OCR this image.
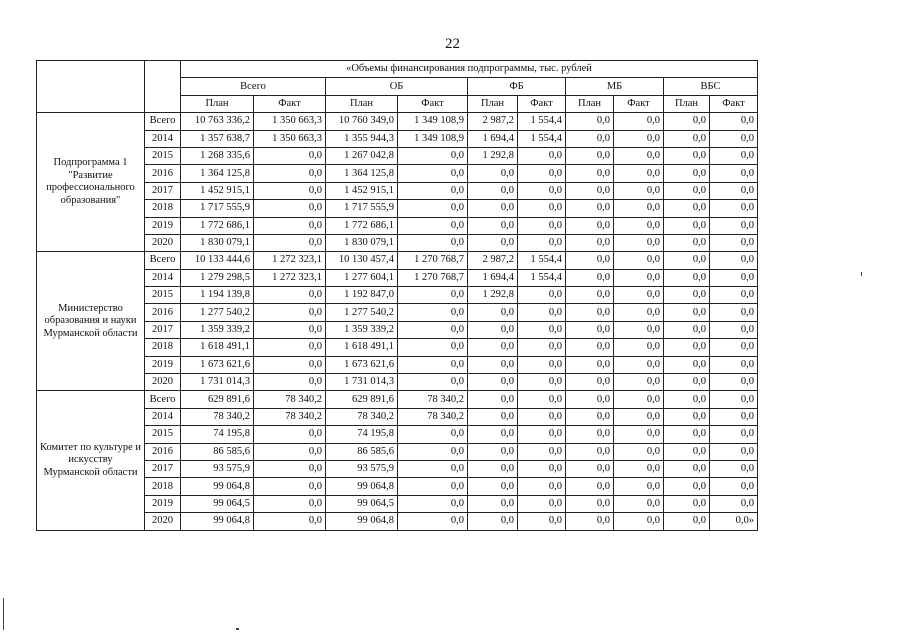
22
		«Объемы финансирования подпрограммы, тыс. рублей									
		Всего		ОБ		ФБ		МБ		ВБС	
		План	Факт	План	Факт	План	Факт	План	Факт	План	Факт
Подпрограмма 1 "Развитие профессионального образования"	Всего	10 763 336,2	1 350 663,3	10 760 349,0	1 349 108,9	2 987,2	1 554,4	0,0	0,0	0,0	0,0
	2014	1 357 638,7	1 350 663,3	1 355 944,3	1 349 108,9	1 694,4	1 554,4	0,0	0,0	0,0	0,0
	2015	1 268 335,6	0,0	1 267 042,8	0,0	1 292,8	0,0	0,0	0,0	0,0	0,0
	2016	1 364 125,8	0,0	1 364 125,8	0,0	0,0	0,0	0,0	0,0	0,0	0,0
	2017	1 452 915,1	0,0	1 452 915,1	0,0	0,0	0,0	0,0	0,0	0,0	0,0
	2018	1 717 555,9	0,0	1 717 555,9	0,0	0,0	0,0	0,0	0,0	0,0	0,0
	2019	1 772 686,1	0,0	1 772 686,1	0,0	0,0	0,0	0,0	0,0	0,0	0,0
	2020	1 830 079,1	0,0	1 830 079,1	0,0	0,0	0,0	0,0	0,0	0,0	0,0
Министерство образования и науки Мурманской области	Всего	10 133 444,6	1 272 323,1	10 130 457,4	1 270 768,7	2 987,2	1 554,4	0,0	0,0	0,0	0,0
	2014	1 279 298,5	1 272 323,1	1 277 604,1	1 270 768,7	1 694,4	1 554,4	0,0	0,0	0,0	0,0
	2015	1 194 139,8	0,0	1 192 847,0	0,0	1 292,8	0,0	0,0	0,0	0,0	0,0
	2016	1 277 540,2	0,0	1 277 540,2	0,0	0,0	0,0	0,0	0,0	0,0	0,0
	2017	1 359 339,2	0,0	1 359 339,2	0,0	0,0	0,0	0,0	0,0	0,0	0,0
	2018	1 618 491,1	0,0	1 618 491,1	0,0	0,0	0,0	0,0	0,0	0,0	0,0
	2019	1 673 621,6	0,0	1 673 621,6	0,0	0,0	0,0	0,0	0,0	0,0	0,0
	2020	1 731 014,3	0,0	1 731 014,3	0,0	0,0	0,0	0,0	0,0	0,0	0,0
Комитет по культуре и искусству Мурманской области	Всего	629 891,6	78 340,2	629 891,6	78 340,2	0,0	0,0	0,0	0,0	0,0	0,0
	2014	78 340,2	78 340,2	78 340,2	78 340,2	0,0	0,0	0,0	0,0	0,0	0,0
	2015	74 195,8	0,0	74 195,8	0,0	0,0	0,0	0,0	0,0	0,0	0,0
	2016	86 585,6	0,0	86 585,6	0,0	0,0	0,0	0,0	0,0	0,0	0,0
	2017	93 575,9	0,0	93 575,9	0,0	0,0	0,0	0,0	0,0	0,0	0,0
	2018	99 064,8	0,0	99 064,8	0,0	0,0	0,0	0,0	0,0	0,0	0,0
	2019	99 064,5	0,0	99 064,5	0,0	0,0	0,0	0,0	0,0	0,0	0,0
	2020	99 064,8	0,0	99 064,8	0,0	0,0	0,0	0,0	0,0	0,0	0,0»
